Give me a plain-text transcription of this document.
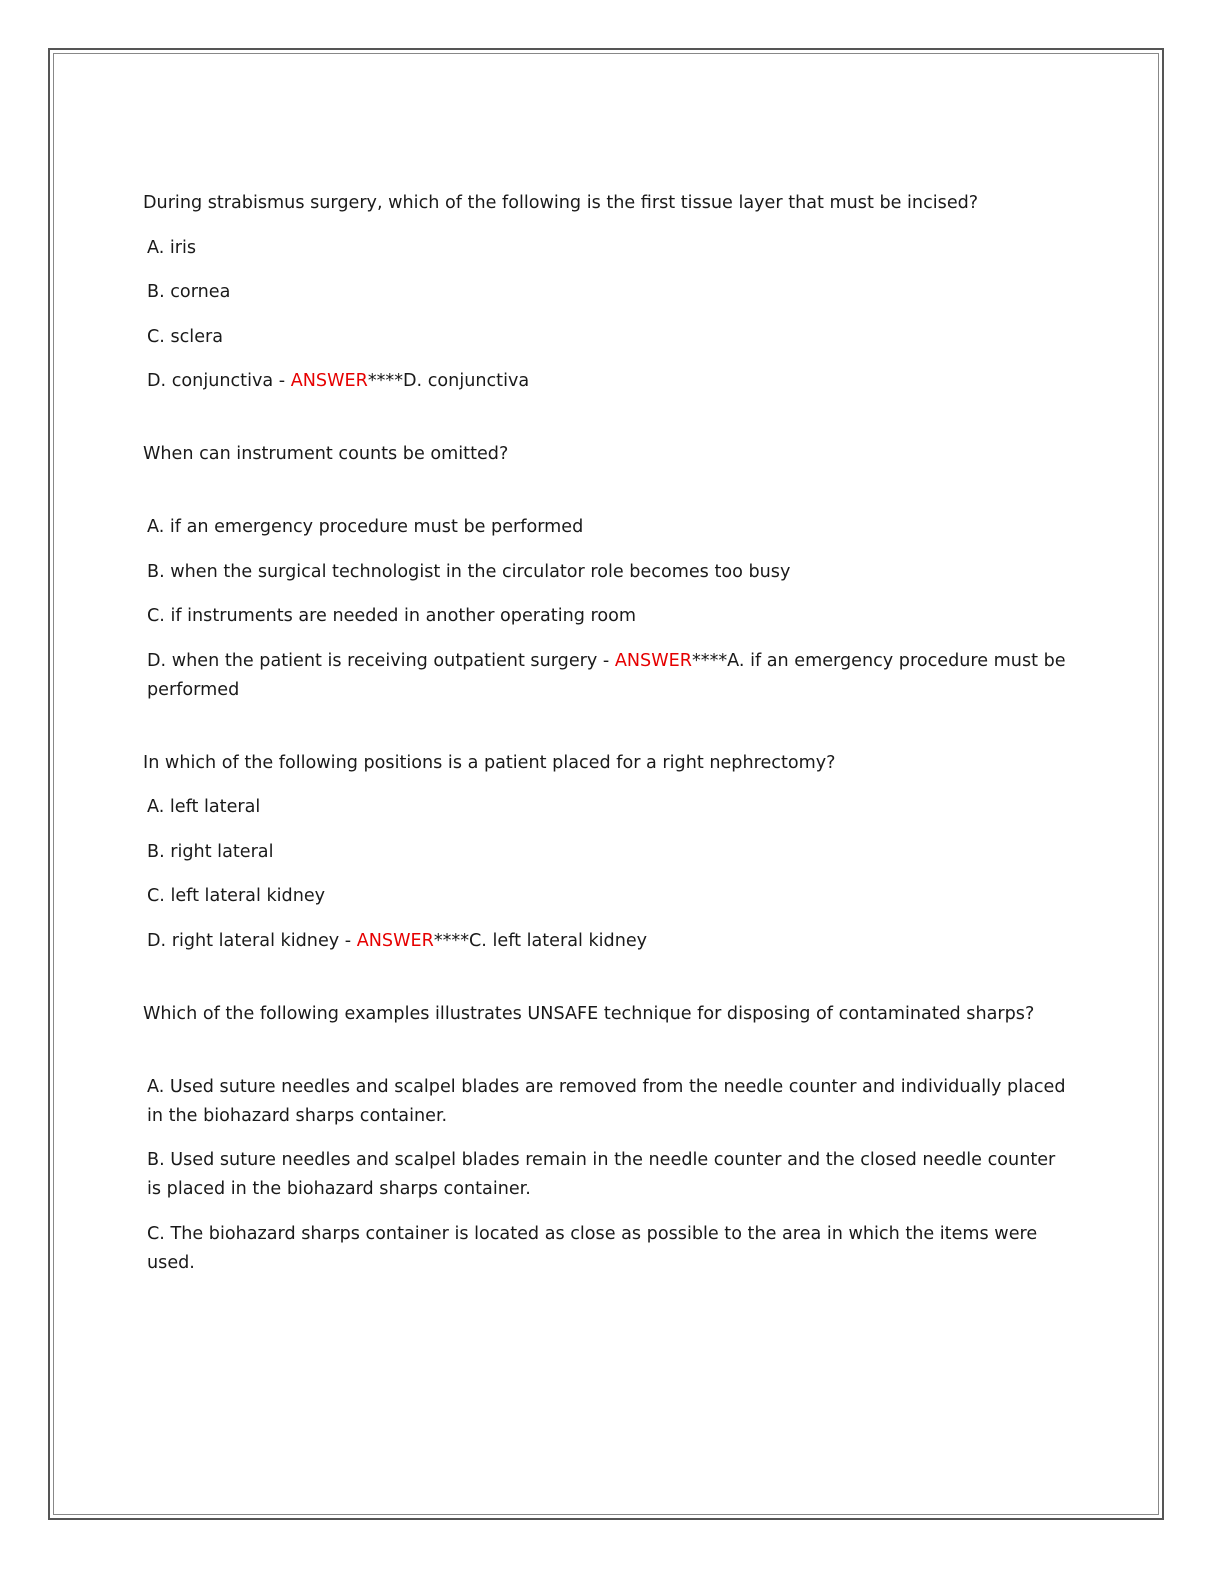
During strabismus surgery, which of the following is the first tissue layer that must be incised?
A. iris
B. cornea
C. sclera
D. conjunctiva - ANSWER****D. conjunctiva
When can instrument counts be omitted?
A. if an emergency procedure must be performed
B. when the surgical technologist in the circulator role becomes too busy
C. if instruments are needed in another operating room
D. when the patient is receiving outpatient surgery - ANSWER****A. if an emergency procedure must be performed
In which of the following positions is a patient placed for a right nephrectomy?
A. left lateral
B. right lateral
C. left lateral kidney
D. right lateral kidney - ANSWER****C. left lateral kidney
Which of the following examples illustrates UNSAFE technique for disposing of contaminated sharps?
A. Used suture needles and scalpel blades are removed from the needle counter and individually placed in the biohazard sharps container.
B. Used suture needles and scalpel blades remain in the needle counter and the closed needle counter is placed in the biohazard sharps container.
C. The biohazard sharps container is located as close as possible to the area in which the items were used.
